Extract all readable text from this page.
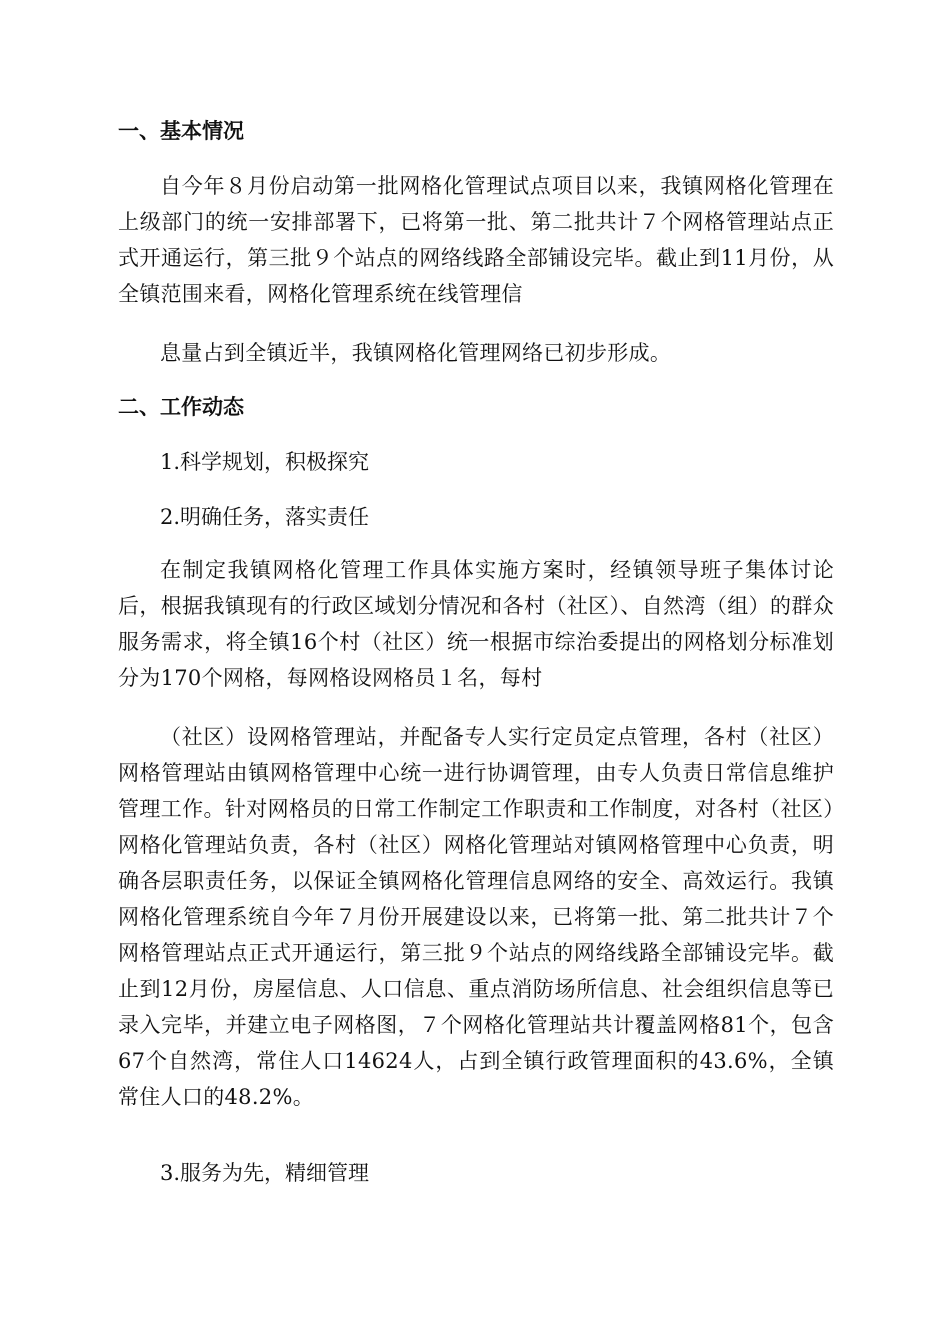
一、基本情况

自今年８月份启动第一批网格化管理试点项目以来，我镇网格化管理在上级部门的统一安排部署下，已将第一批、第二批共计７个网格管理站点正式开通运行，第三批９个站点的网络线路全部铺设完毕。截止到11月份，从全镇范围来看，网格化管理系统在线管理信

息量占到全镇近半，我镇网格化管理网络已初步形成。

二、工作动态

1.科学规划，积极探究

2.明确任务，落实责任

在制定我镇网格化管理工作具体实施方案时，经镇领导班子集体讨论后，根据我镇现有的行政区域划分情况和各村（社区）、自然湾（组）的群众服务需求，将全镇16个村（社区）统一根据市综治委提出的网格划分标准划分为170个网格，每网格设网格员１名，每村

（社区）设网格管理站，并配备专人实行定员定点管理，各村（社区）网格管理站由镇网格管理中心统一进行协调管理，由专人负责日常信息维护管理工作。针对网格员的日常工作制定工作职责和工作制度，对各村（社区）网格化管理站负责，各村（社区）网格化管理站对镇网格管理中心负责，明确各层职责任务，以保证全镇网格化管理信息网络的安全、高效运行。我镇网格化管理系统自今年７月份开展建设以来，已将第一批、第二批共计７个网格管理站点正式开通运行，第三批９个站点的网络线路全部铺设完毕。截止到12月份，房屋信息、人口信息、重点消防场所信息、社会组织信息等已录入完毕，并建立电子网格图，７个网格化管理站共计覆盖网格81个，包含67个自然湾，常住人口14624人，占到全镇行政管理面积的43.6%，全镇常住人口的48.2%。

3.服务为先，精细管理
